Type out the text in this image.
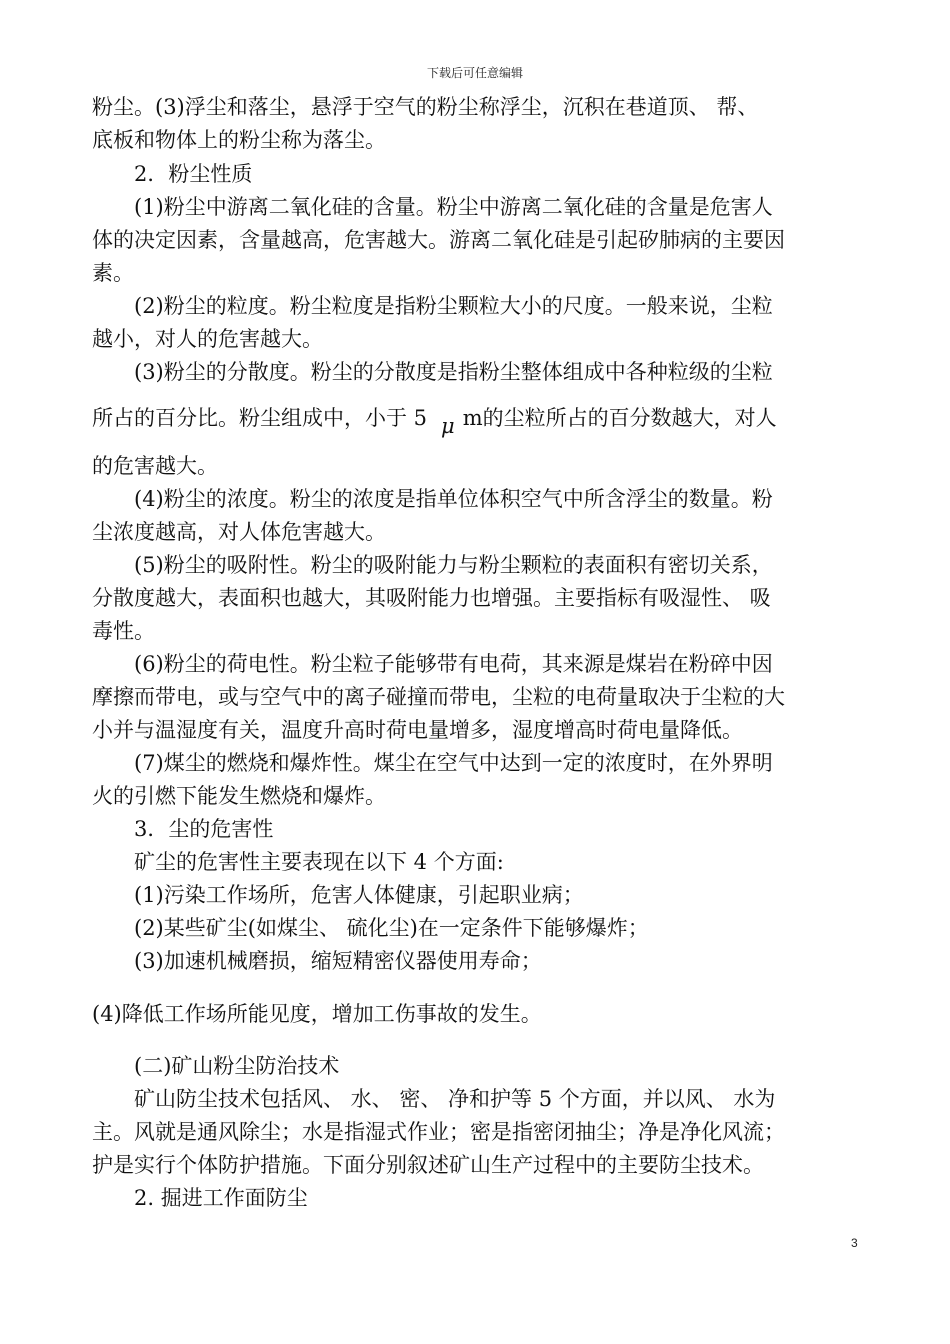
下载后可任意编辑
粉尘。(3)浮尘和落尘，悬浮于空气的粉尘称浮尘，沉积在巷道顶、 帮、
底板和物体上的粉尘称为落尘。
2．粉尘性质
(1)粉尘中游离二氧化硅的含量。粉尘中游离二氧化硅的含量是危害人
体的决定因素，含量越高，危害越大。游离二氧化硅是引起矽肺病的主要因
素。
(2)粉尘的粒度。粉尘粒度是指粉尘颗粒大小的尺度。一般来说，尘粒
越小，对人的危害越大。
(3)粉尘的分散度。粉尘的分散度是指粉尘整体组成中各种粒级的尘粒
所占的百分比。粉尘组成中，小于 5 μ m的尘粒所占的百分数越大，对人
的危害越大。
(4)粉尘的浓度。粉尘的浓度是指单位体积空气中所含浮尘的数量。粉
尘浓度越高，对人体危害越大。
(5)粉尘的吸附性。粉尘的吸附能力与粉尘颗粒的表面积有密切关系，
分散度越大，表面积也越大，其吸附能力也增强。主要指标有吸湿性、 吸
毒性。
(6)粉尘的荷电性。粉尘粒子能够带有电荷，其来源是煤岩在粉碎中因
摩擦而带电，或与空气中的离子碰撞而带电，尘粒的电荷量取决于尘粒的大
小并与温湿度有关，温度升高时荷电量增多，湿度增高时荷电量降低。
(7)煤尘的燃烧和爆炸性。煤尘在空气中达到一定的浓度时，在外界明
火的引燃下能发生燃烧和爆炸。
3．尘的危害性
矿尘的危害性主要表现在以下 4 个方面:
(1)污染工作场所，危害人体健康，引起职业病；
(2)某些矿尘(如煤尘、 硫化尘)在一定条件下能够爆炸；
(3)加速机械磨损，缩短精密仪器使用寿命；
(4)降低工作场所能见度，增加工伤事故的发生。
(二)矿山粉尘防治技术
矿山防尘技术包括风、 水、 密、 净和护等 5 个方面，并以风、 水为
主。风就是通风除尘；水是指湿式作业；密是指密闭抽尘；净是净化风流；
护是实行个体防护措施。下面分别叙述矿山生产过程中的主要防尘技术。
2. 掘进工作面防尘
3
